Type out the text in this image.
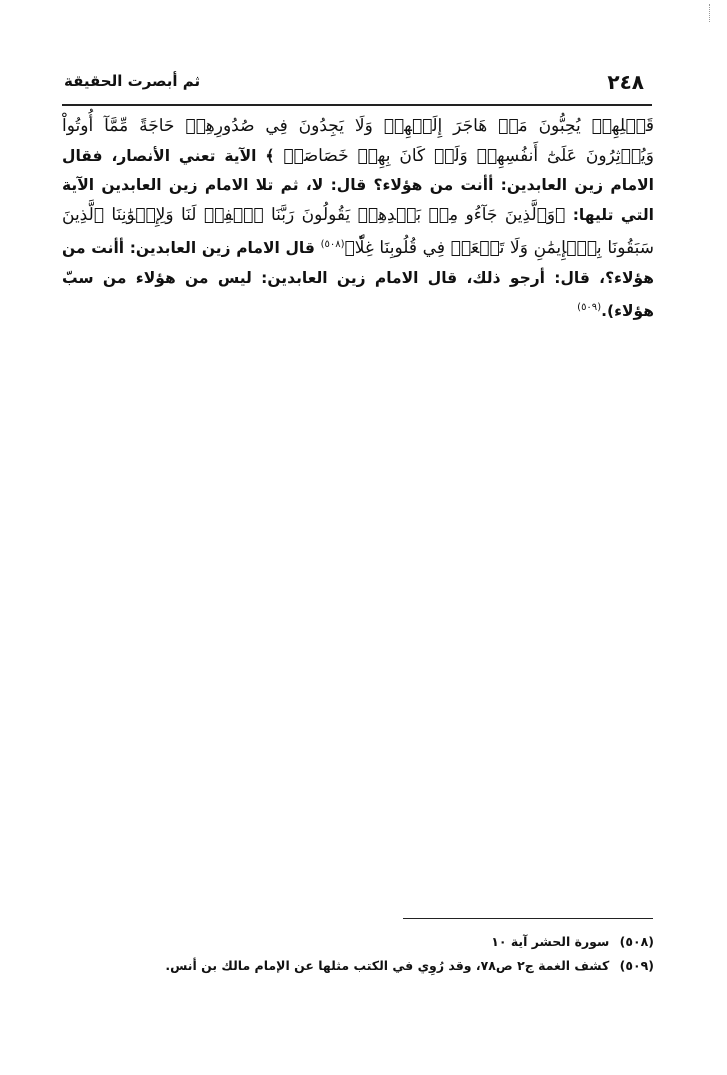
٢٤٨
ثم أبصرت الحقيقة
قَبۡلِهِمۡ يُحِبُّونَ مَنۡ هَاجَرَ إِلَيۡهِمۡ وَلَا يَجِدُونَ فِي صُدُورِهِمۡ حَاجَةً مِّمَّآ أُوتُواْ وَيُؤۡثِرُونَ عَلَىٰٓ أَنفُسِهِمۡ وَلَوۡ كَانَ بِهِمۡ خَصَاصَةٞ ﴾ الآية تعني الأنصار، فقال الامام زين العابدين: أأنت من هؤلاء؟ قال: لا، ثم تلا الامام زين العابدين الآية التي تليها: ﴿وَٱلَّذِينَ جَآءُو مِنۢ بَعۡدِهِمۡ يَقُولُونَ رَبَّنَا ٱغۡفِرۡ لَنَا وَلِإِخۡوَٰنِنَا ٱلَّذِينَ سَبَقُونَا بِٱلۡإِيمَٰنِ وَلَا تَجۡعَلۡ فِي قُلُوبِنَا غِلّٗا﴾$^{(٥٠٨)}$ قال الامام زين العابدين: أأنت من هؤلاء؟، قال: أرجو ذلك، قال الامام زين العابدين: ليس من هؤلاء من سبّ هؤلاء).$^{(٥٠٩)}$
(٥٠٨) سورة الحشر آية ١٠
(٥٠٩) كشف الغمة ج٢ ص٧٨، وقد رُوِي في الكتب مثلها عن الإمام مالك بن أنس.
